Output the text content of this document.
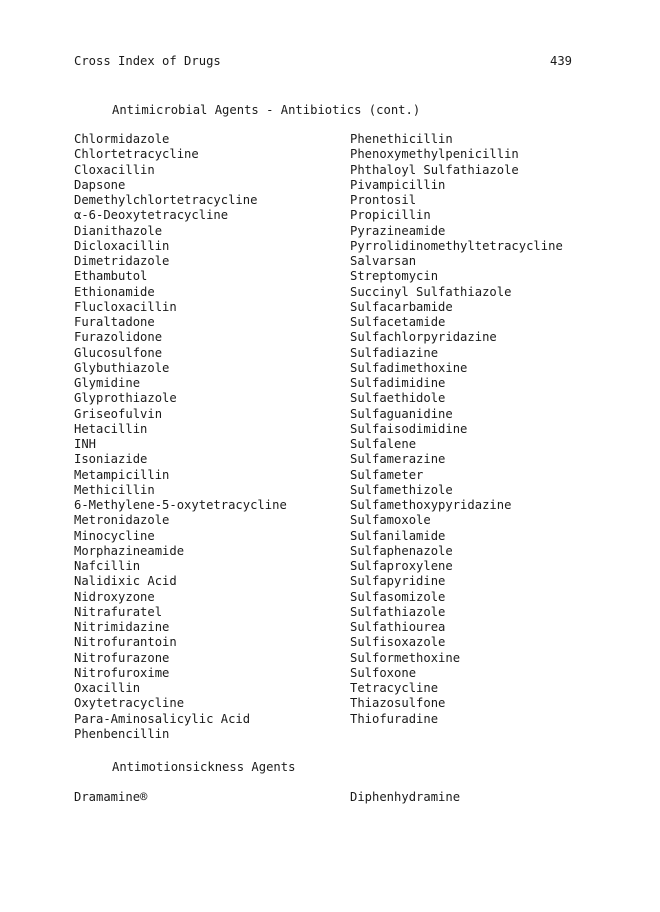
Cross Index of Drugs	439
Antimicrobial Agents - Antibiotics (cont.)
Chlormidazole
Chlortetracycline
Cloxacillin
Dapsone
Demethylchlortetracycline
α-6-Deoxytetracycline
Dianithazole
Dicloxacillin
Dimetridazole
Ethambutol
Ethionamide
Flucloxacillin
Furaltadone
Furazolidone
Glucosulfone
Glybuthiazole
Glymidine
Glyprothiazole
Griseofulvin
Hetacillin
INH
Isoniazide
Metampicillin
Methicillin
6-Methylene-5-oxytetracycline
Metronidazole
Minocycline
Morphazineamide
Nafcillin
Nalidixic Acid
Nidroxyzone
Nitrafuratel
Nitrimidazine
Nitrofurantoin
Nitrofurazone
Nitrofuroxime
Oxacillin
Oxytetracycline
Para-Aminosalicylic Acid
Phenbencillin
Phenethicillin
Phenoxymethylpenicillin
Phthaloyl Sulfathiazole
Pivampicillin
Prontosil
Propicillin
Pyrazineamide
Pyrrolidinomethyltetracycline
Salvarsan
Streptomycin
Succinyl Sulfathiazole
Sulfacarbamide
Sulfacetamide
Sulfachlorpyridazine
Sulfadiazine
Sulfadimethoxine
Sulfadimidine
Sulfaethidole
Sulfaguanidine
Sulfaisodimidine
Sulfalene
Sulfamerazine
Sulfameter
Sulfamethizole
Sulfamethoxypyridazine
Sulfamoxole
Sulfanilamide
Sulfaphenazole
Sulfaproxylene
Sulfapyridine
Sulfasomizole
Sulfathiazole
Sulfathiourea
Sulfisoxazole
Sulformethoxine
Sulfoxone
Tetracycline
Thiazosulfone
Thiofuradine
Antimotionsickness Agents
Dramamine®	Diphenhydramine
